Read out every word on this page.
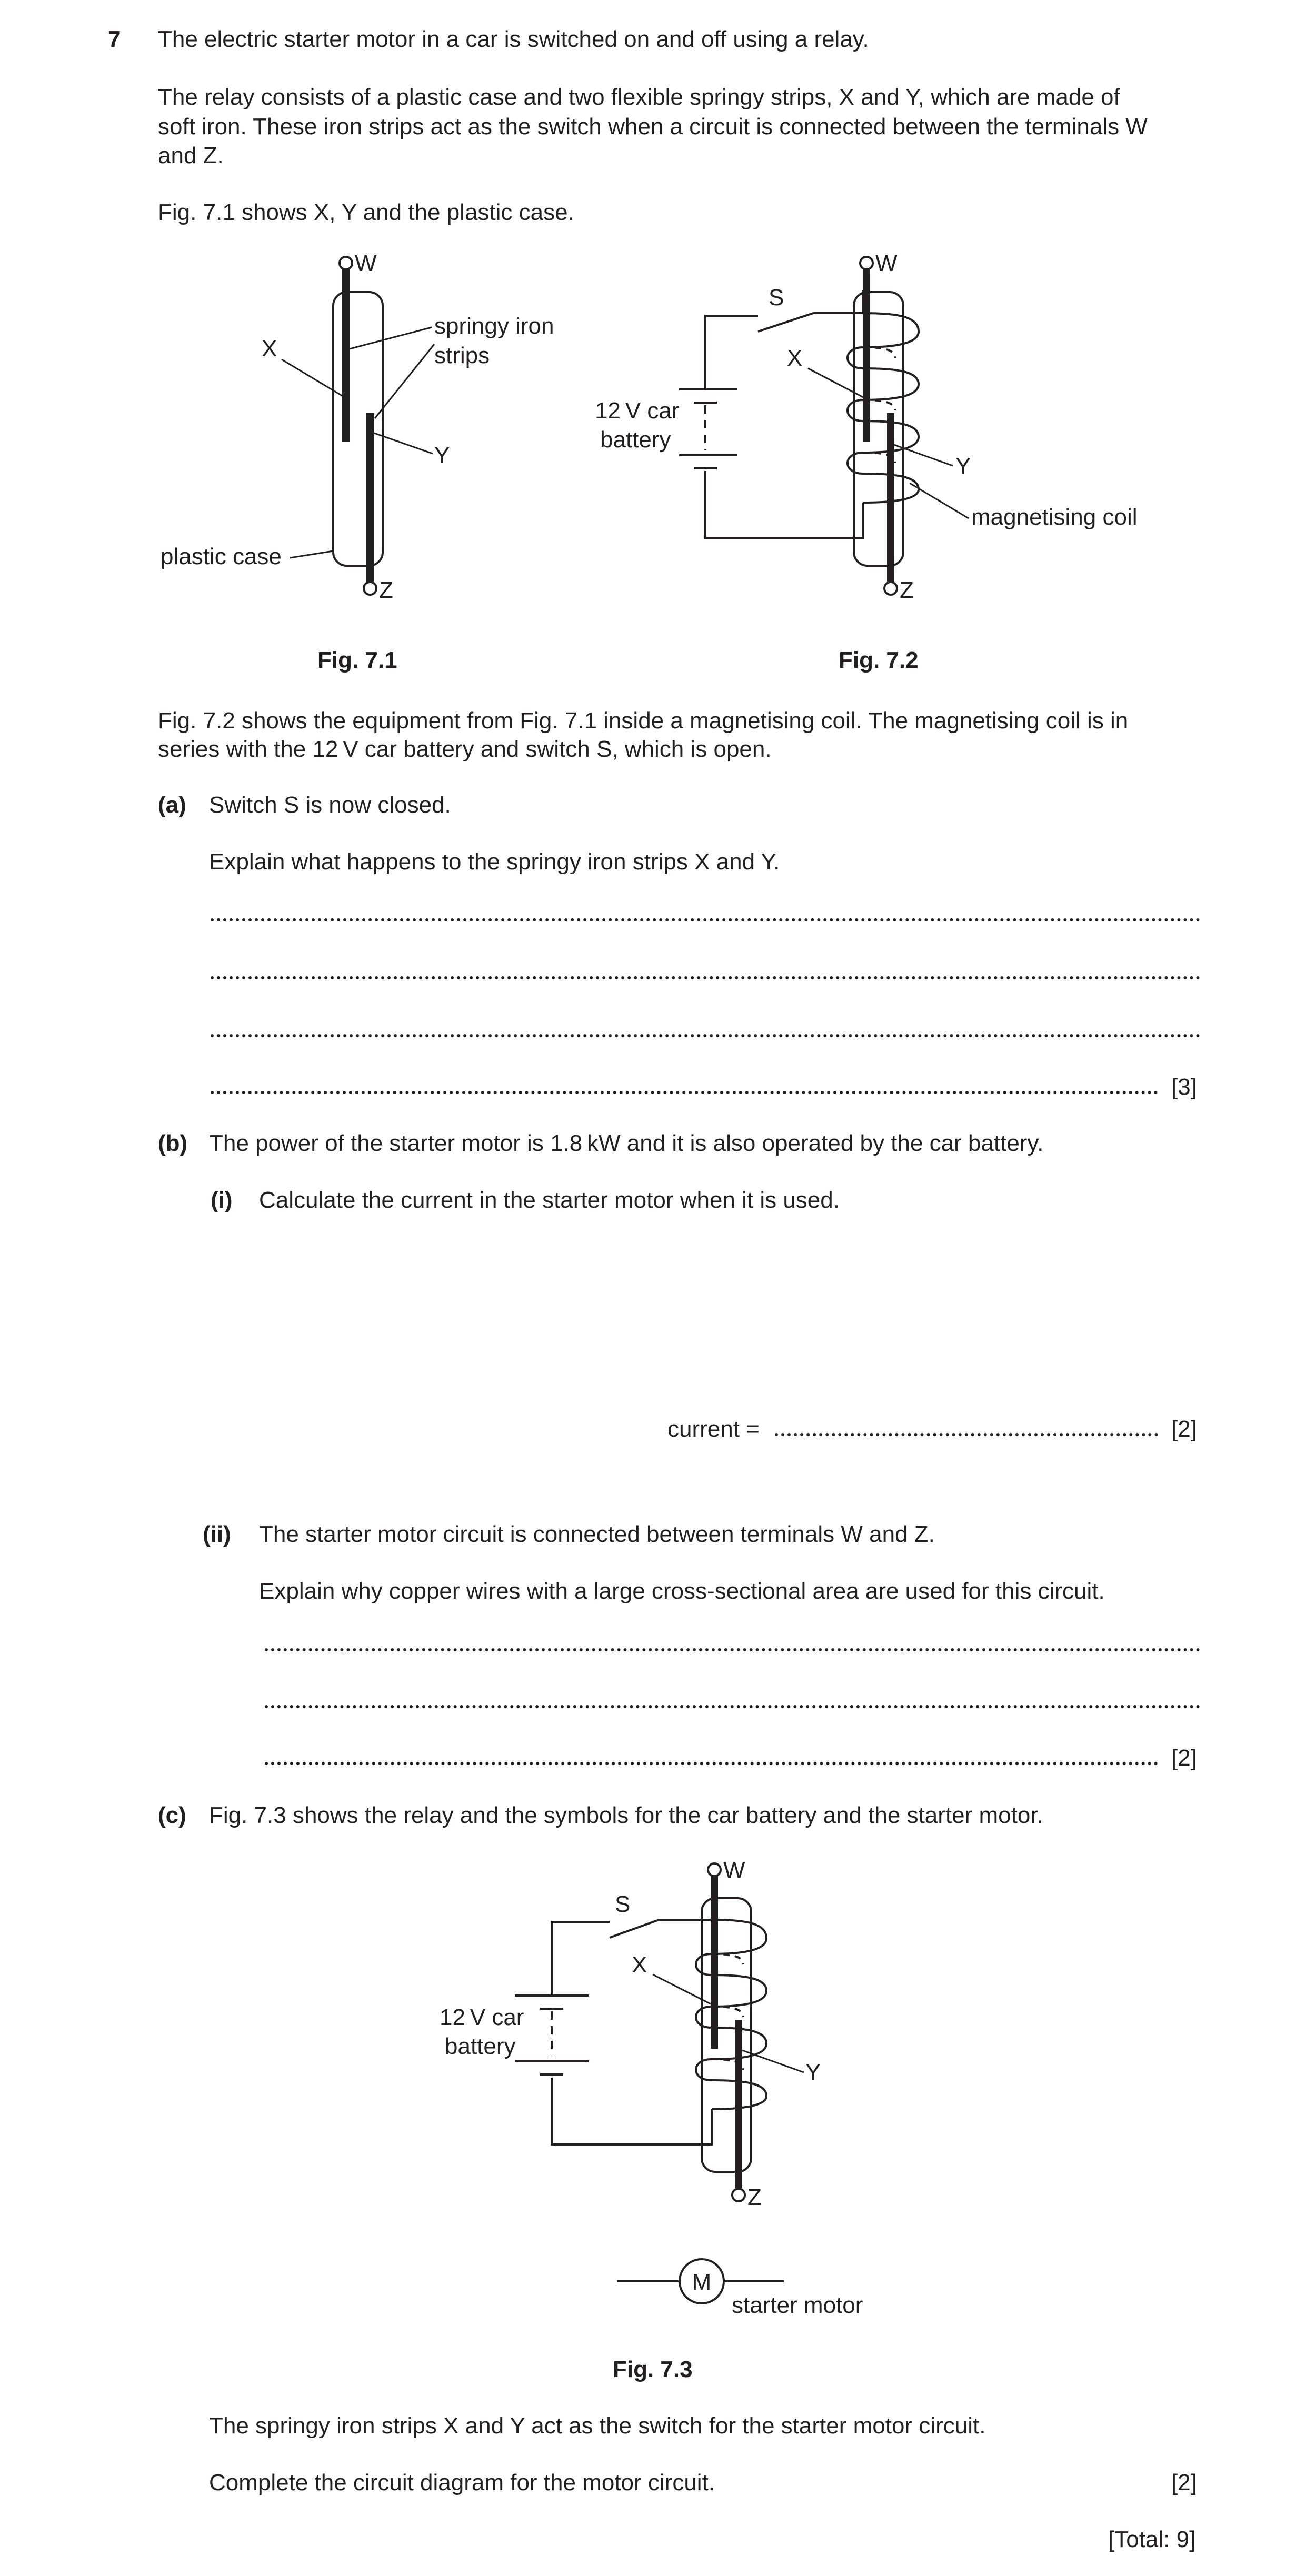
7 The electric starter motor in a car is switched on and off using a relay.
The relay consists of a plastic case and two flexible springy strips, X and Y, which are made of
soft iron. These iron strips act as the switch when a circuit is connected between the terminals W
and Z.
Fig. 7.1 shows X, Y and the plastic case.
W
Z
X
Y
springy iron
strips
plastic case
Fig. 7.1
W
Z
X
Y
S
12 V car
battery
magnetising coil
Fig. 7.2
Fig. 7.2 shows the equipment from Fig. 7.1 inside a magnetising coil. The magnetising coil is in
series with the 12 V car battery and switch S, which is open.
(a) Switch S is now closed.
Explain what happens to the springy iron strips X and Y.
[3]
(b) The power of the starter motor is 1.8 kW and it is also operated by the car battery.
(i) Calculate the current in the starter motor when it is used.
current =	[2]
(ii) The starter motor circuit is connected between terminals W and Z.
Explain why copper wires with a large cross-sectional area are used for this circuit.
[2]
(c) Fig. 7.3 shows the relay and the symbols for the car battery and the starter motor.
W
Z
X
Y
S
12 V car
battery
M
starter motor
Fig. 7.3
The springy iron strips X and Y act as the switch for the starter motor circuit.
Complete the circuit diagram for the motor circuit.	[2]
[Total: 9]
